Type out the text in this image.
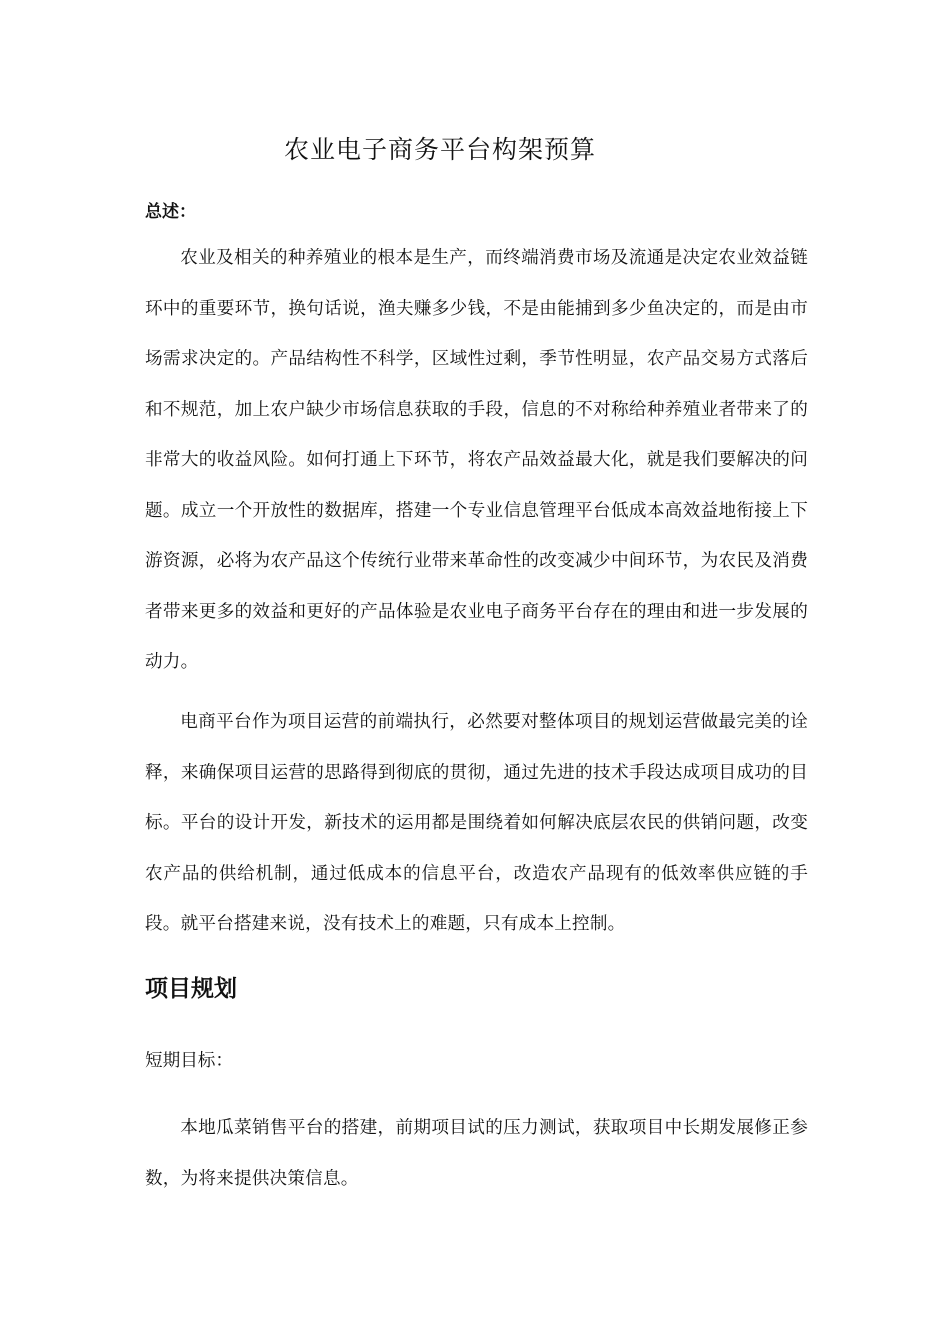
农业电子商务平台构架预算
总述：

农业及相关的种养殖业的根本是生产，而终端消费市场及流通是决定农业效益链环中的重要环节，换句话说，渔夫赚多少钱，不是由能捕到多少鱼决定的，而是由市场需求决定的。产品结构性不科学，区域性过剩，季节性明显，农产品交易方式落后和不规范，加上农户缺少市场信息获取的手段，信息的不对称给种养殖业者带来了的非常大的收益风险。如何打通上下环节，将农产品效益最大化，就是我们要解决的问题。成立一个开放性的数据库，搭建一个专业信息管理平台低成本高效益地衔接上下游资源，必将为农产品这个传统行业带来革命性的改变减少中间环节，为农民及消费者带来更多的效益和更好的产品体验是农业电子商务平台存在的理由和进一步发展的动力。

电商平台作为项目运营的前端执行，必然要对整体项目的规划运营做最完美的诠释，来确保项目运营的思路得到彻底的贯彻，通过先进的技术手段达成项目成功的目标。平台的设计开发，新技术的运用都是围绕着如何解决底层农民的供销问题，改变农产品的供给机制，通过低成本的信息平台，改造农产品现有的低效率供应链的手段。就平台搭建来说，没有技术上的难题，只有成本上控制。

项目规划
短期目标：

本地瓜菜销售平台的搭建，前期项目试的压力测试，获取项目中长期发展修正参数，为将来提供决策信息。
